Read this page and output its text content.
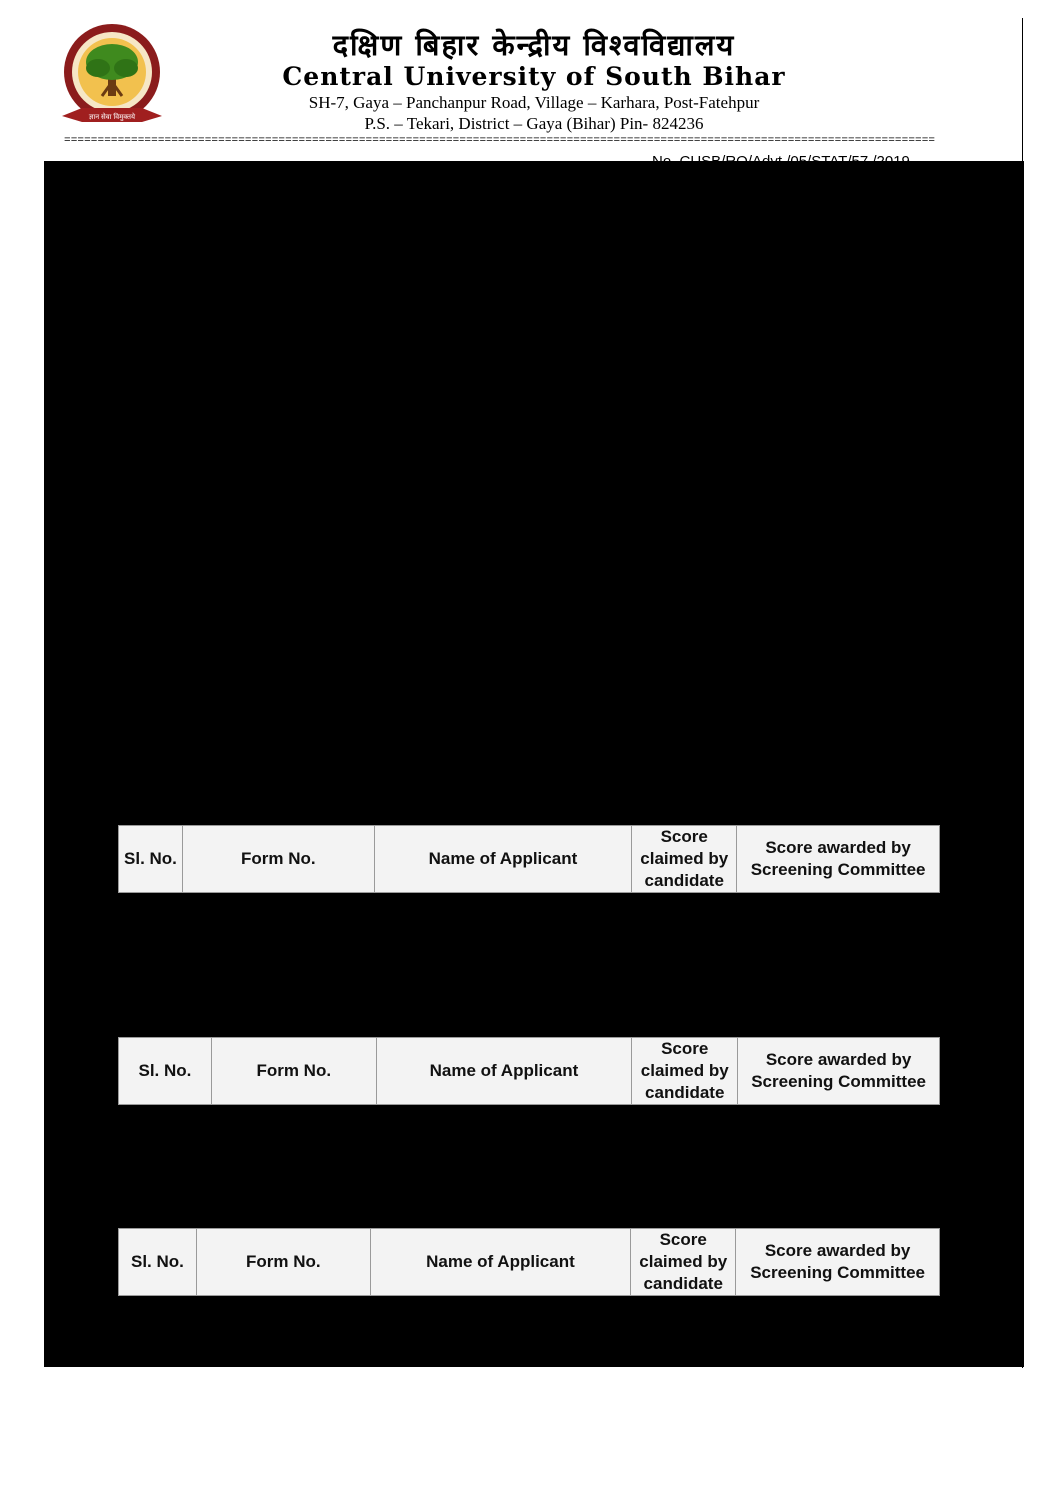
ज्ञान सेवा विमुक्तये
दक्षिण बिहार केन्द्रीय विश्वविद्यालय
Central University of South Bihar
SH-7, Gaya – Panchanpur Road, Village – Karhara, Post-Fatehpur
P.S. – Tekari, District – Gaya (Bihar) Pin- 824236
==================================================================================================================================
Sl. No.	Form No.	Name of Applicant	Score claimed by candidate	Score awarded by Screening Committee
Sl. No.	Form No.	Name of Applicant	Score claimed by candidate	Score awarded by Screening Committee
Sl. No.	Form No.	Name of Applicant	Score claimed by candidate	Score awarded by Screening Committee
